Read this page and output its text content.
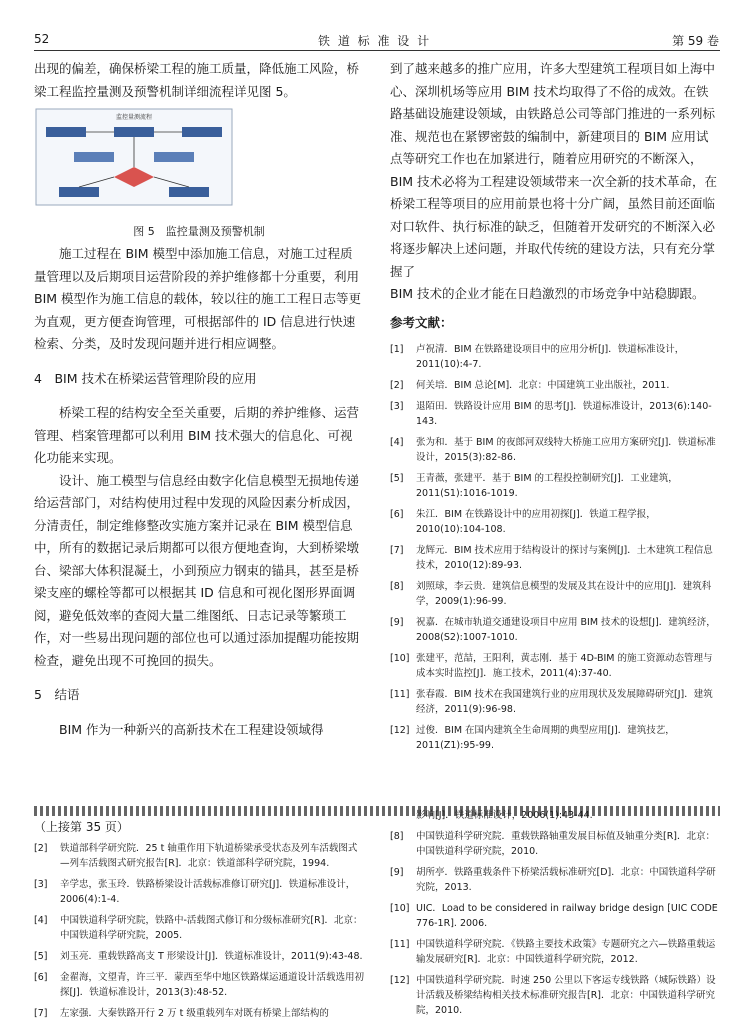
52	铁 道 标 准 设 计	第 59 卷

出现的偏差，确保桥梁工程的施工质量，降低施工风险，桥梁工程监控量测及预警机制详细流程详见图 5。

监控量测流程

图 5　监控量测及预警机制

施工过程在 BIM 模型中添加施工信息，对施工过程质量管理以及后期项目运营阶段的养护维修都十分重要，利用 BIM 模型作为施工信息的载体，较以往的施工工程日志等更为直观，更方便查询管理，可根据部件的 ID 信息进行快速检索、分类，及时发现问题并进行相应调整。

4　BIM 技术在桥梁运营管理阶段的应用

桥梁工程的结构安全至关重要，后期的养护维修、运营管理、档案管理都可以利用 BIM 技术强大的信息化、可视化功能来实现。

设计、施工模型与信息经由数字化信息模型无损地传递给运营部门，对结构使用过程中发现的风险因素分析成因，分清责任，制定维修整改实施方案并记录在 BIM 模型信息中，所有的数据记录后期都可以很方便地查询，大到桥梁墩台、梁部大体积混凝土，小到预应力钢束的锚具，甚至是桥梁支座的螺栓等都可以根据其 ID 信息和可视化图形界面调阅，避免低效率的查阅大量二维图纸、日志记录等繁琐工作，对一些易出现问题的部位也可以通过添加提醒功能按期检查，避免出现不可挽回的损失。

5　结语

BIM 作为一种新兴的高新技术在工程建设领域得

到了越来越多的推广应用，许多大型建筑工程项目如上海中心、深圳机场等应用 BIM 技术均取得了不俗的成效。在铁路基础设施建设领域，由铁路总公司等部门推进的一系列标准、规范也在紧锣密鼓的编制中，新建项目的 BIM 应用试点等研究工作也在加紧进行，随着应用研究的不断深入，BIM 技术必将为工程建设领域带来一次全新的技术革命，在桥梁工程等项目的应用前景也将十分广阔，虽然目前还面临对口软件、执行标准的缺乏，但随着开发研究的不断深入必将逐步解决上述问题，并取代传统的建设方法，只有充分掌握了

BIM 技术的企业才能在日趋激烈的市场竞争中站稳脚跟。

参考文献：

[1]	卢祝清．BIM 在铁路建设项目中的应用分析[J]．铁道标准设计，2011(10):4-7.
[2]	何关培．BIM 总论[M]．北京：中国建筑工业出版社，2011.
[3]	退陌田．铁路设计应用 BIM 的思考[J]．铁道标准设计，2013(6):140-143.
[4]	张为和．基于 BIM 的夜郎河双线特大桥施工应用方案研究[J]．铁道标准设计，2015(3):82-86.
[5]	王青薇，张建平．基于 BIM 的工程投控制研究[J]．工业建筑，2011(S1):1016-1019.
[6]	朱江．BIM 在铁路设计中的应用初探[J]．铁道工程学报，2010(10):104-108.
[7]	龙辉元．BIM 技术应用于结构设计的探讨与案例[J]．土木建筑工程信息技术，2010(12):89-93.
[8]	刘照球，李云贵．建筑信息模型的发展及其在设计中的应用[J]．建筑科学，2009(1):96-99.
[9]	祝嘉．在城市轨道交通建设项目中应用 BIM 技术的设想[J]．建筑经济，2008(S2):1007-1010.
[10] 张建平，范喆，王阳利，黄志刚．基于 4D-BIM 的施工资源动态管理与成本实时监控[J]．施工技术，2011(4):37-40.
[11] 张春霞．BIM 技术在我国建筑行业的应用现状及发展障碍研究[J]．建筑经济，2011(9):96-98.
[12] 过俊．BIM 在国内建筑全生命周期的典型应用[J]．建筑技艺，2011(Z1):95-99.
（上接第 35 页）
[2]	铁道部科学研究院．25 t 轴重作用下轨道桥梁承受状态及列车活载图式—列车活载图式研究报告[R]．北京：铁道部科学研究院，1994.
[3]	辛学忠，张玉玲．铁路桥梁设计活载标准修订研究[J]．铁道标准设计，2006(4):1-4.
[4]	中国铁道科学研究院，铁路中-活载图式修订和分级标准研究[R]．北京：中国铁道科学研究院，2005.
[5]	刘玉亮．重载铁路高支 T 形梁设计[J]．铁道标准设计，2011(9):43-48.
[6]	金翟海，文望青，许三平．蒙西至华中地区铁路煤运通道设计活载选用初探[J]．铁道标准设计，2013(3):48-52.
[7]	左家强．大秦铁路开行 2 万 t 级重载列车对既有桥梁上部结构的
影响[J]．铁道标准设计，2006(1):43-44.
[8]	中国铁道科学研究院．重载铁路轴重发展目标值及轴重分类[R]．北京：中国铁道科学研究院，2010.
[9]	胡所亭．铁路重载条件下桥梁活载标准研究[D]．北京：中国铁道科学研究院，2013.
[10] UIC．Load to be considered in railway bridge design [UIC CODE 776-1R]. 2006.
[11] 中国铁道科学研究院．《铁路主要技术政策》专题研究之六—铁路重载运输发展研究[R]．北京：中国铁道科学研究院，2012.
[12] 中国铁道科学研究院．时速 250 公里以下客运专线铁路（城际铁路）设计活载及桥梁结构相关技术标准研究报告[R]．北京：中国铁道科学研究院，2010.
